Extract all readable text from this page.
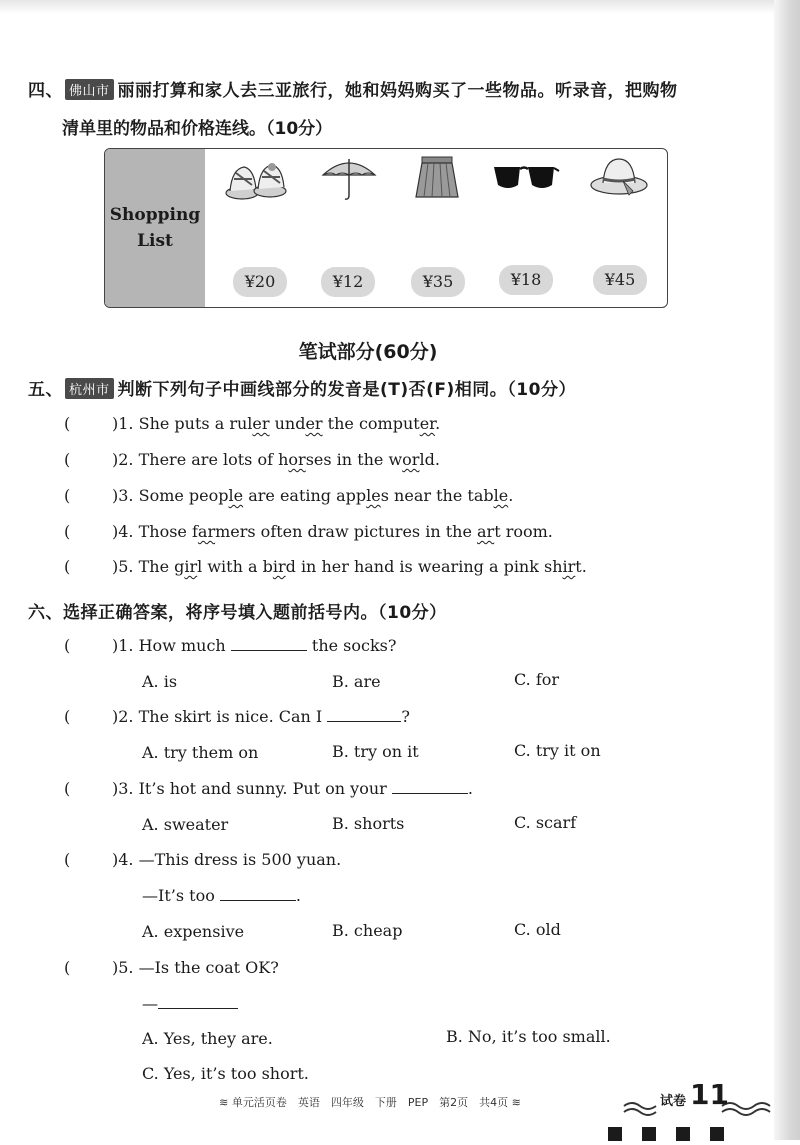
四、 佛山市 丽丽打算和家人去三亚旅行，她和妈妈购买了一些物品。听录音，把购物
清单里的物品和价格连线。（10分）
Shopping
List
¥20	¥12	¥35	¥18	¥45
笔试部分(60分)
五、 杭州市 判断下列句子中画线部分的发音是(T)否(F)相同。（10分）
(	)1. She puts a ruler under the computer.
(	)2. There are lots of horses in the world.
(	)3. Some people are eating apples near the table.
(	)4. Those farmers often draw pictures in the art room.
(	)5. The girl with a bird in her hand is wearing a pink shirt.
六、选择正确答案，将序号填入题前括号内。（10分）
(	)1. How much	the socks?
A. is	B. are	C. for
(	)2. The skirt is nice. Can I	?
A. try them on	B. try on it	C. try it on
(	)3. It’s hot and sunny. Put on your	.
A. sweater	B. shorts	C. scarf
(	)4. —This dress is 500 yuan.
—It’s too	.
A. expensive	B. cheap	C. old
(	)5. —Is the coat OK?
—
A. Yes, they are.	B. No, it’s too small.
C. Yes, it’s too short.
≋ 单元活页卷　英语　四年级　下册　PEP　第2页　共4页 ≋	试卷 11
